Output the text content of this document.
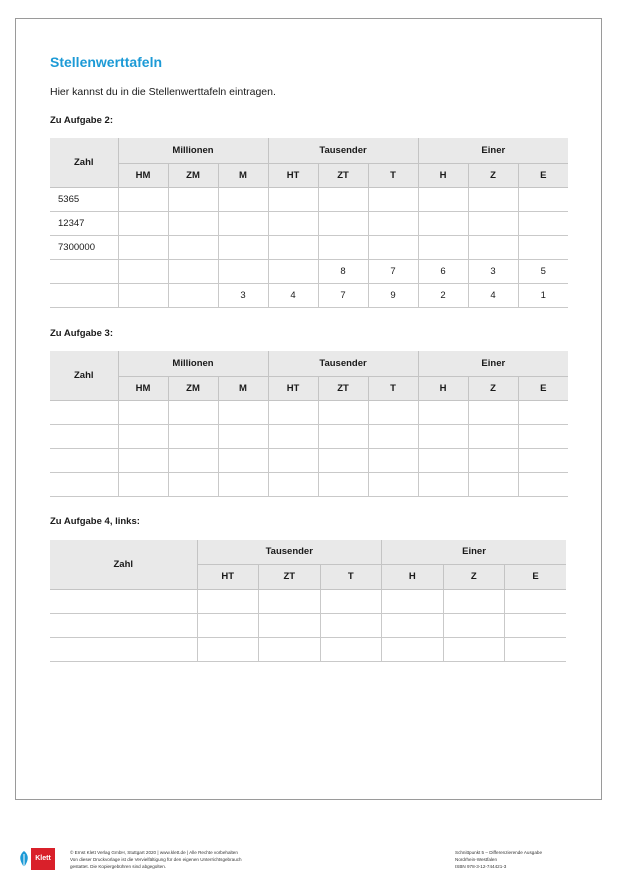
Stellenwerttafeln
Hier kannst du in die Stellenwerttafeln eintragen.
Zu Aufgabe 2:
Zahl	Millionen			Tausender			Einer		
	HM	ZM	M	HT	ZT	T	H	Z	E
5365									
12347									
7300000									
					8	7	6	3	5
			3	4	7	9	2	4	1
Zu Aufgabe 3:
Zahl	Millionen			Tausender			Einer		
	HM	ZM	M	HT	ZT	T	H	Z	E

Zu Aufgabe 4, links:
Zahl	Tausender			Einer		
	HT	ZT	T	H	Z	E

Klett
© Ernst Klett Verlag GmbH, Stuttgart 2020 | www.klett.de | Alle Rechte vorbehalten
Von dieser Druckvorlage ist die Vervielfältigung für den eigenen Unterrichtsgebrauch
gestattet. Die Kopiergebühren sind abgegolten.
Schnittpunkt 5 – Differenzierende Ausgabe
Nordrhein-Westfalen
ISBN 978-3-12-744421-3
